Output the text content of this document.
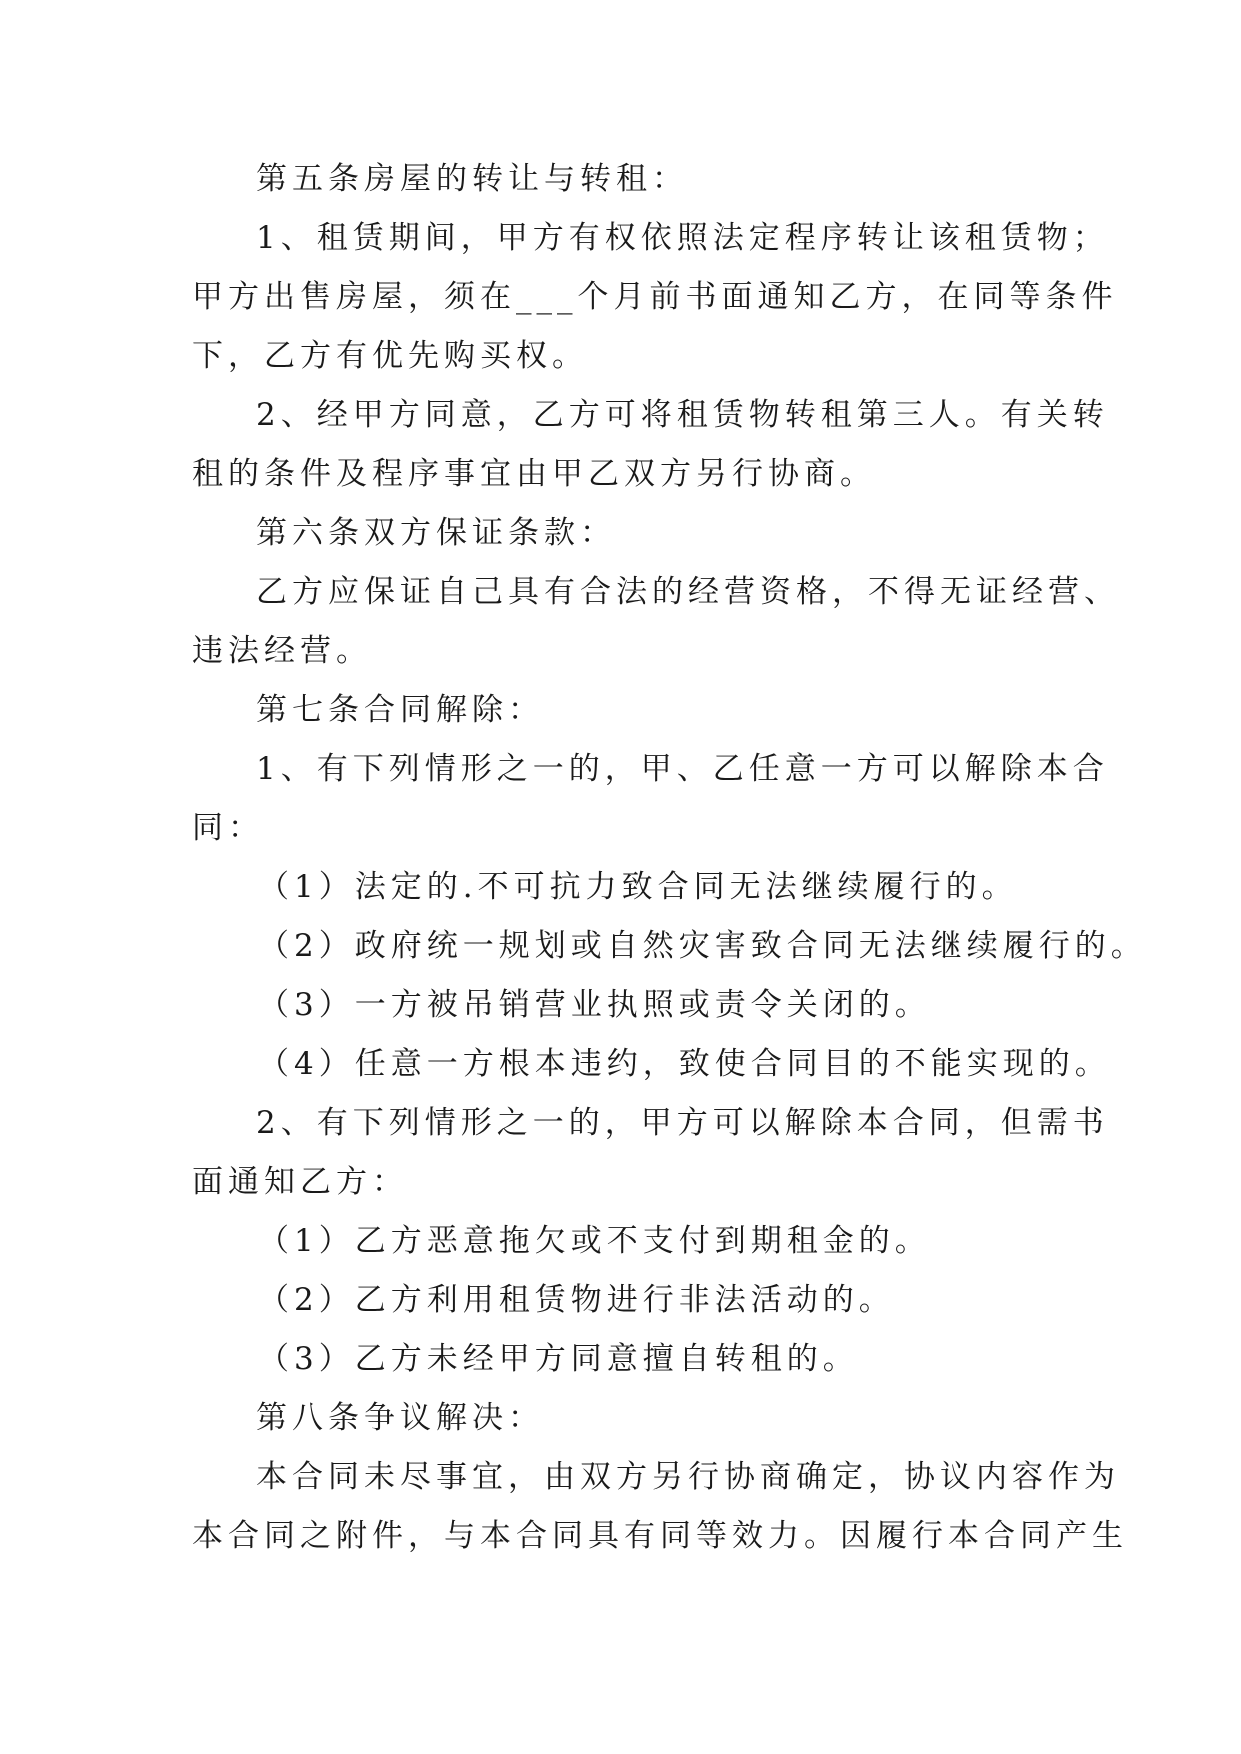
第五条房屋的转让与转租：
1、租赁期间，甲方有权依照法定程序转让该租赁物；
甲方出售房屋，须在___个月前书面通知乙方，在同等条件
下，乙方有优先购买权。
2、经甲方同意，乙方可将租赁物转租第三人。有关转
租的条件及程序事宜由甲乙双方另行协商。
第六条双方保证条款：
乙方应保证自己具有合法的经营资格，不得无证经营、
违法经营。
第七条合同解除：
1、有下列情形之一的，甲、乙任意一方可以解除本合
同：
（1）法定的.不可抗力致合同无法继续履行的。
（2）政府统一规划或自然灾害致合同无法继续履行的。
（3）一方被吊销营业执照或责令关闭的。
（4）任意一方根本违约，致使合同目的不能实现的。
2、有下列情形之一的，甲方可以解除本合同，但需书
面通知乙方：
（1）乙方恶意拖欠或不支付到期租金的。
（2）乙方利用租赁物进行非法活动的。
（3）乙方未经甲方同意擅自转租的。
第八条争议解决：
本合同未尽事宜，由双方另行协商确定，协议内容作为
本合同之附件，与本合同具有同等效力。因履行本合同产生
